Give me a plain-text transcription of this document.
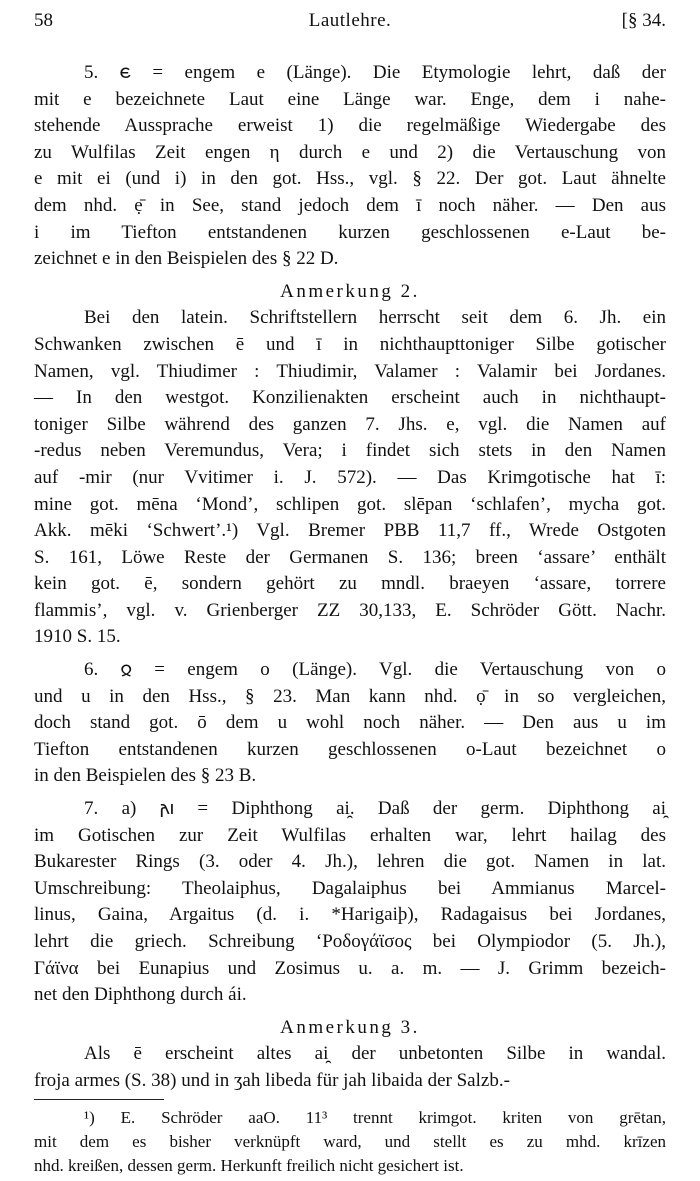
58	Lautlehre.	[§ 34.
5. 𐌴 = engem e (Länge). Die Etymologie lehrt, daß der
mit e bezeichnete Laut eine Länge war. Enge, dem i nahe-
stehende Aussprache erweist 1) die regelmäßige Wiedergabe des
zu Wulfilas Zeit engen η durch e und 2) die Vertauschung von
e mit ei (und i) in den got. Hss., vgl. § 22. Der got. Laut ähnelte
dem nhd. ẹ̄ in See, stand jedoch dem ī noch näher. — Den aus
i im Tiefton entstandenen kurzen geschlossenen e-Laut be-
zeichnet e in den Beispielen des § 22 D.
Anmerkung 2.
Bei den latein. Schriftstellern herrscht seit dem 6. Jh. ein
Schwanken zwischen ē und ī in nichthaupttoniger Silbe gotischer
Namen, vgl. Thiudimer : Thiudimir, Valamer : Valamir bei Jordanes.
— In den westgot. Konzilienakten erscheint auch in nichthaupt-
toniger Silbe während des ganzen 7. Jhs. e, vgl. die Namen auf
-redus neben Veremundus, Vera; i findet sich stets in den Namen
auf -mir (nur Vvitimer i. J. 572). — Das Krimgotische hat ī:
mine got. mēna ‘Mond’, schlipen got. slēpan ‘schlafen’, mycha got.
Akk. mēki ‘Schwert’.¹) Vgl. Bremer PBB 11,7 ff., Wrede Ostgoten
S. 161, Löwe Reste der Germanen S. 136; breen ‘assare’ enthält
kein got. ē, sondern gehört zu mndl. braeyen ‘assare, torrere
flammis’, vgl. v. Grienberger ZZ 30,133, E. Schröder Gött. Nachr.
1910 S. 15.
6. 𐍉 = engem o (Länge). Vgl. die Vertauschung von o
und u in den Hss., § 23. Man kann nhd. ọ̄ in so vergleichen,
doch stand got. ō dem u wohl noch näher. — Den aus u im
Tiefton entstandenen kurzen geschlossenen o-Laut bezeichnet o
in den Beispielen des § 23 B.
7. a) 𐌰𐌹 = Diphthong ai̯. Daß der germ. Diphthong ai̯
im Gotischen zur Zeit Wulfilas erhalten war, lehrt hailag des
Bukarester Rings (3. oder 4. Jh.), lehren die got. Namen in lat.
Umschreibung: Theolaiphus, Dagalaiphus bei Ammianus Marcel-
linus, Gaina, Argaitus (d. i. *Harigaiþ), Radagaisus bei Jordanes,
lehrt die griech. Schreibung ‘Ροδογάϊσος bei Olympiodor (5. Jh.),
Γάϊνα bei Eunapius und Zosimus u. a. m. — J. Grimm bezeich-
net den Diphthong durch ái.
Anmerkung 3.
Als ē erscheint altes ai̯ der unbetonten Silbe in wandal.
froja armes (S. 38) und in ʒah libeda für jah libaida der Salzb.-
¹) E. Schröder aaO. 11³ trennt krimgot. kriten von grētan,
mit dem es bisher verknüpft ward, und stellt es zu mhd. krīzen
nhd. kreißen, dessen germ. Herkunft freilich nicht gesichert ist.
